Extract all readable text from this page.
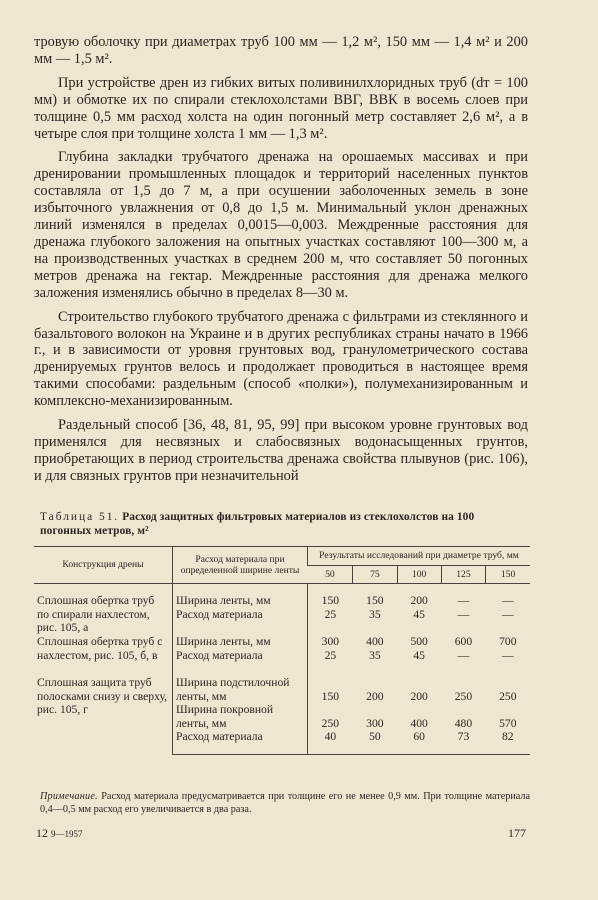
тровую оболочку при диаметрах труб 100 мм — 1,2 м², 150 мм — 1,4 м² и 200 мм — 1,5 м².

При устройстве дрен из гибких витых поливинилхлоридных труб (dт = 100 мм) и обмотке их по спирали стеклохолстами ВВГ, ВВК в восемь слоев при толщине 0,5 мм расход холста на один погонный метр составляет 2,6 м², а в четыре слоя при толщине холста 1 мм — 1,3 м².

Глубина закладки трубчатого дренажа на орошаемых массивах и при дренировании промышленных площадок и территорий населенных пунктов составляла от 1,5 до 7 м, а при осушении заболоченных земель в зоне избыточного увлажнения от 0,8 до 1,5 м. Минимальный уклон дренажных линий изменялся в пределах 0,0015—0,003. Междренные расстояния для дренажа глубокого заложения на опытных участках составляют 100—300 м, а на производственных участках в среднем 200 м, что составляет 50 погонных метров дренажа на гектар. Междренные расстояния для дренажа мелкого заложения изменялись обычно в пределах 8—30 м.

Строительство глубокого трубчатого дренажа с фильтрами из стеклянного и базальтового волокон на Украине и в других республиках страны начато в 1966 г., и в зависимости от уровня грунтовых вод, гранулометрического состава дренируемых грунтов велось и продолжает проводиться в настоящее время такими способами: раздельным (способ «полки»), полумеханизированным и комплексно-механизированным.

Раздельный способ [36, 48, 81, 95, 99] при высоком уровне грунтовых вод применялся для несвязных и слабосвязных водонасыщенных грунтов, приобретающих в период строительства дренажа свойства плывунов (рис. 106), и для связных грунтов при незначительной

Таблица 51. Расход защитных фильтровых материалов из стеклохолстов на 100 погонных метров, м²
Конструкция дрены	Расход материала при определенной ширине ленты	Результаты исследований при диаметре труб, мм				
		50	75	100	125	150
Сплошная обертка труб по спирали нахлестом, рис. 105, а	Ширина ленты, мм	150	150	200	—	—
	Расход материала	25	35	45	—	—
Сплошная обертка труб с нахлестом, рис. 105, б, в	Ширина ленты, мм	300	400	500	600	700
	Расход материала	25	35	45	—	—
Сплошная защита труб полосками снизу и сверху, рис. 105, г	Ширина подстилочной ленты, мм	150	200	200	250	250
	Ширина покровной ленты, мм	250	300	400	480	570
	Расход материала	40	50	60	73	82
Примечание. Расход материала предусматривается при толщине его не менее 0,9 мм. При толщине материала 0,4—0,5 мм расход его увеличивается в два раза.
12 9—1957	177
